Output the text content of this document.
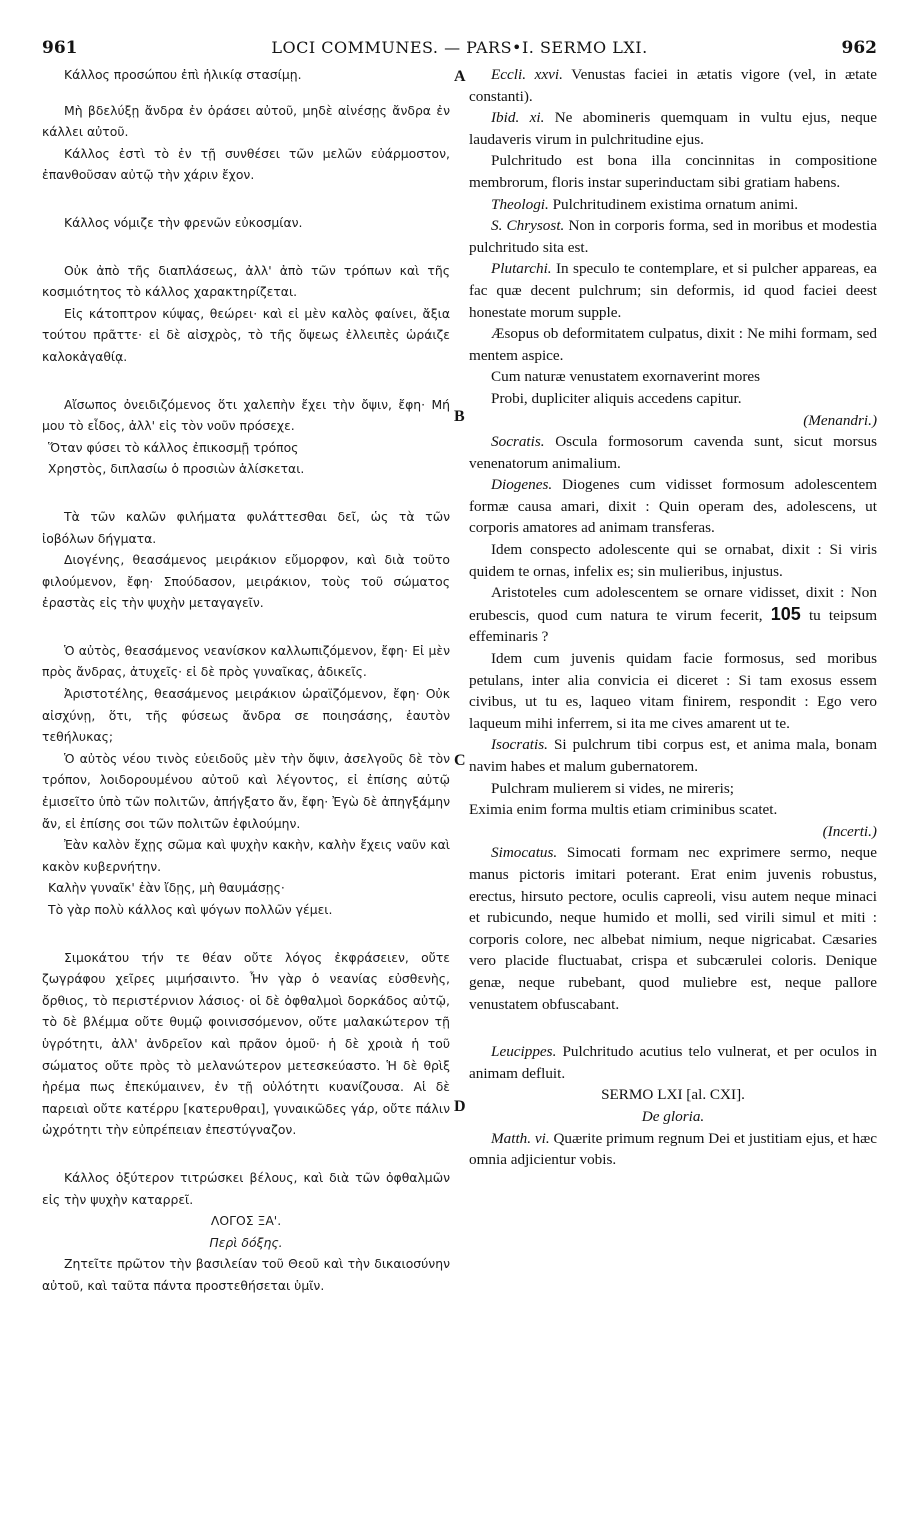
961	LOCI COMMUNES. — PARS•I. SERMO LXI.	962
A
B
C
D

Κάλλος προσώπου ἐπὶ ἡλικίᾳ στασίμῃ.

Μὴ βδελύξῃ ἄνδρα ἐν ὁράσει αὐτοῦ, μηδὲ αἰνέσῃς ἄνδρα ἐν κάλλει αὐτοῦ.

Κάλλος ἐστὶ τὸ ἐν τῇ συνθέσει τῶν μελῶν εὐάρμοστον, ἐπανθοῦσαν αὐτῷ τὴν χάριν ἔχον.

Κάλλος νόμιζε τὴν φρενῶν εὐκοσμίαν.

Οὐκ ἀπὸ τῆς διαπλάσεως, ἀλλ' ἀπὸ τῶν τρόπων καὶ τῆς κοσμιότητος τὸ κάλλος χαρακτηρίζεται.

Εἰς κάτοπτρον κύψας, θεώρει· καὶ εἰ μὲν καλὸς φαίνει, ἄξια τούτου πρᾶττε· εἰ δὲ αἰσχρὸς, τὸ τῆς ὄψεως ἐλλειπὲς ὡράιζε καλοκἀγαθίᾳ.

Αἴσωπος ὀνειδιζόμενος ὅτι χαλεπὴν ἔχει τὴν ὄψιν, ἔφη· Μή μου τὸ εἶδος, ἀλλ' εἰς τὸν νοῦν πρόσεχε.

Ὅταν φύσει τὸ κάλλος ἐπικοσμῇ τρόπος

Χρηστὸς, διπλασίω ὁ προσιὼν ἁλίσκεται.

Τὰ τῶν καλῶν φιλήματα φυλάττεσθαι δεῖ, ὡς τὰ τῶν ἰοβόλων δήγματα.

Διογένης, θεασάμενος μειράκιον εὔμορφον, καὶ διὰ τοῦτο φιλούμενον, ἔφη· Σπούδασον, μειράκιον, τοὺς τοῦ σώματος ἐραστὰς εἰς τὴν ψυχὴν μεταγαγεῖν.

Ὁ αὐτὸς, θεασάμενος νεανίσκον καλλωπιζόμενον, ἔφη· Εἰ μὲν πρὸς ἄνδρας, ἀτυχεῖς· εἰ δὲ πρὸς γυναῖκας, ἀδικεῖς.

Ἀριστοτέλης, θεασάμενος μειράκιον ὡραϊζόμενον, ἔφη· Οὐκ αἰσχύνῃ, ὅτι, τῆς φύσεως ἄνδρα σε ποιησάσης, ἑαυτὸν τεθήλυκας;

Ὁ αὐτὸς νέου τινὸς εὐειδοῦς μὲν τὴν ὄψιν, ἀσελγοῦς δὲ τὸν τρόπον, λοιδορουμένου αὐτοῦ καὶ λέγοντος, εἰ ἐπίσης αὐτῷ ἐμισεῖτο ὑπὸ τῶν πολιτῶν, ἀπήγξατο ἄν, ἔφη· Ἐγὼ δὲ ἀπηγξάμην ἄν, εἰ ἐπίσης σοι τῶν πολιτῶν ἐφιλούμην.

Ἐὰν καλὸν ἔχῃς σῶμα καὶ ψυχὴν κακὴν, καλὴν ἔχεις ναῦν καὶ κακὸν κυβερνήτην.

Καλὴν γυναῖκ' ἐὰν ἴδῃς, μὴ θαυμάσῃς·

Τὸ γὰρ πολὺ κάλλος καὶ ψόγων πολλῶν γέμει.

Σιμοκάτου τήν τε θέαν οὔτε λόγος ἐκφράσειεν, οὔτε ζωγράφου χεῖρες μιμήσαιντο. Ἦν γὰρ ὁ νεανίας εὐσθενὴς, ὄρθιος, τὸ περιστέρνιον λάσιος· οἱ δὲ ὀφθαλμοὶ δορκάδος αὐτῷ, τὸ δὲ βλέμμα οὔτε θυμῷ φοινισσόμενον, οὔτε μαλακώτερον τῇ ὑγρότητι, ἀλλ' ἀνδρεῖον καὶ πρᾶον ὁμοῦ· ἡ δὲ χροιὰ ἡ τοῦ σώματος οὔτε πρὸς τὸ μελανώτερον μετεσκεύαστο. Ἡ δὲ θρὶξ ἠρέμα πως ἐπεκύμαινεν, ἐν τῇ οὐλότητι κυανίζουσα. Αἱ δὲ παρειαὶ οὔτε κατέρρυ [κατερυθραι], γυναικῶδες γάρ, οὔτε πάλιν ὠχρότητι τὴν εὐπρέπειαν ἐπεστύγναζον.

Κάλλος ὀξύτερον τιτρώσκει βέλους, καὶ διὰ τῶν ὀφθαλμῶν εἰς τὴν ψυχὴν καταρρεῖ.

ΛΟΓΟΣ ΞΑ'.

Περὶ δόξης.

Ζητεῖτε πρῶτον τὴν βασιλείαν τοῦ Θεοῦ καὶ τὴν δικαιοσύνην αὐτοῦ, καὶ ταῦτα πάντα προστεθήσεται ὑμῖν.

Eccli. xxvi. Venustas faciei in ætatis vigore (vel, in ætate constanti).

Ibid. xi. Ne abomineris quemquam in vultu ejus, neque laudaveris virum in pulchritudine ejus.

Pulchritudo est bona illa concinnitas in compositione membrorum, floris instar superinductam sibi gratiam habens.

Theologi. Pulchritudinem existima ornatum animi.

S. Chrysost. Non in corporis forma, sed in moribus et modestia pulchritudo sita est.

Plutarchi. In speculo te contemplare, et si pulcher appareas, ea fac quæ decent pulchrum; sin deformis, id quod faciei deest honestate morum supple.

Æsopus ob deformitatem culpatus, dixit : Ne mihi formam, sed mentem aspice.

Cum naturæ venustatem exornaverint mores

Probi, dupliciter aliquis accedens capitur.

(Menandri.)

Socratis. Oscula formosorum cavenda sunt, sicut morsus venenatorum animalium.

Diogenes. Diogenes cum vidisset formosum adolescentem formæ causa amari, dixit : Quin operam des, adolescens, ut corporis amatores ad animam transferas.

Idem conspecto adolescente qui se ornabat, dixit : Si viris quidem te ornas, infelix es; sin mulieribus, injustus.

Aristoteles cum adolescentem se ornare vidisset, dixit : Non erubescis, quod cum natura te virum fecerit, 105 tu teipsum effeminaris ?

Idem cum juvenis quidam facie formosus, sed moribus petulans, inter alia convicia ei diceret : Si tam exosus essem civibus, ut tu es, laqueo vitam finirem, respondit : Ego vero laqueum mihi inferrem, si ita me cives amarent ut te.

Isocratis. Si pulchrum tibi corpus est, et anima mala, bonam navim habes et malum gubernatorem.

Pulchram mulierem si vides, ne mireris;

Eximia enim forma multis etiam criminibus scatet.

(Incerti.)

Simocatus. Simocati formam nec exprimere sermo, neque manus pictoris imitari poterant. Erat enim juvenis robustus, erectus, hirsuto pectore, oculis capreoli, visu autem neque minaci et rubicundo, neque humido et molli, sed virili simul et miti : corporis colore, nec albebat nimium, neque nigricabat. Cæsaries vero placide fluctuabat, crispa et subcærulei coloris. Denique genæ, neque rubebant, quod muliebre est, neque pallore venustatem obfuscabant.

Leucippes. Pulchritudo acutius telo vulnerat, et per oculos in animam defluit.

SERMO LXI [al. CXI].

De gloria.

Matth. vi. Quærite primum regnum Dei et justitiam ejus, et hæc omnia adjicientur vobis.
